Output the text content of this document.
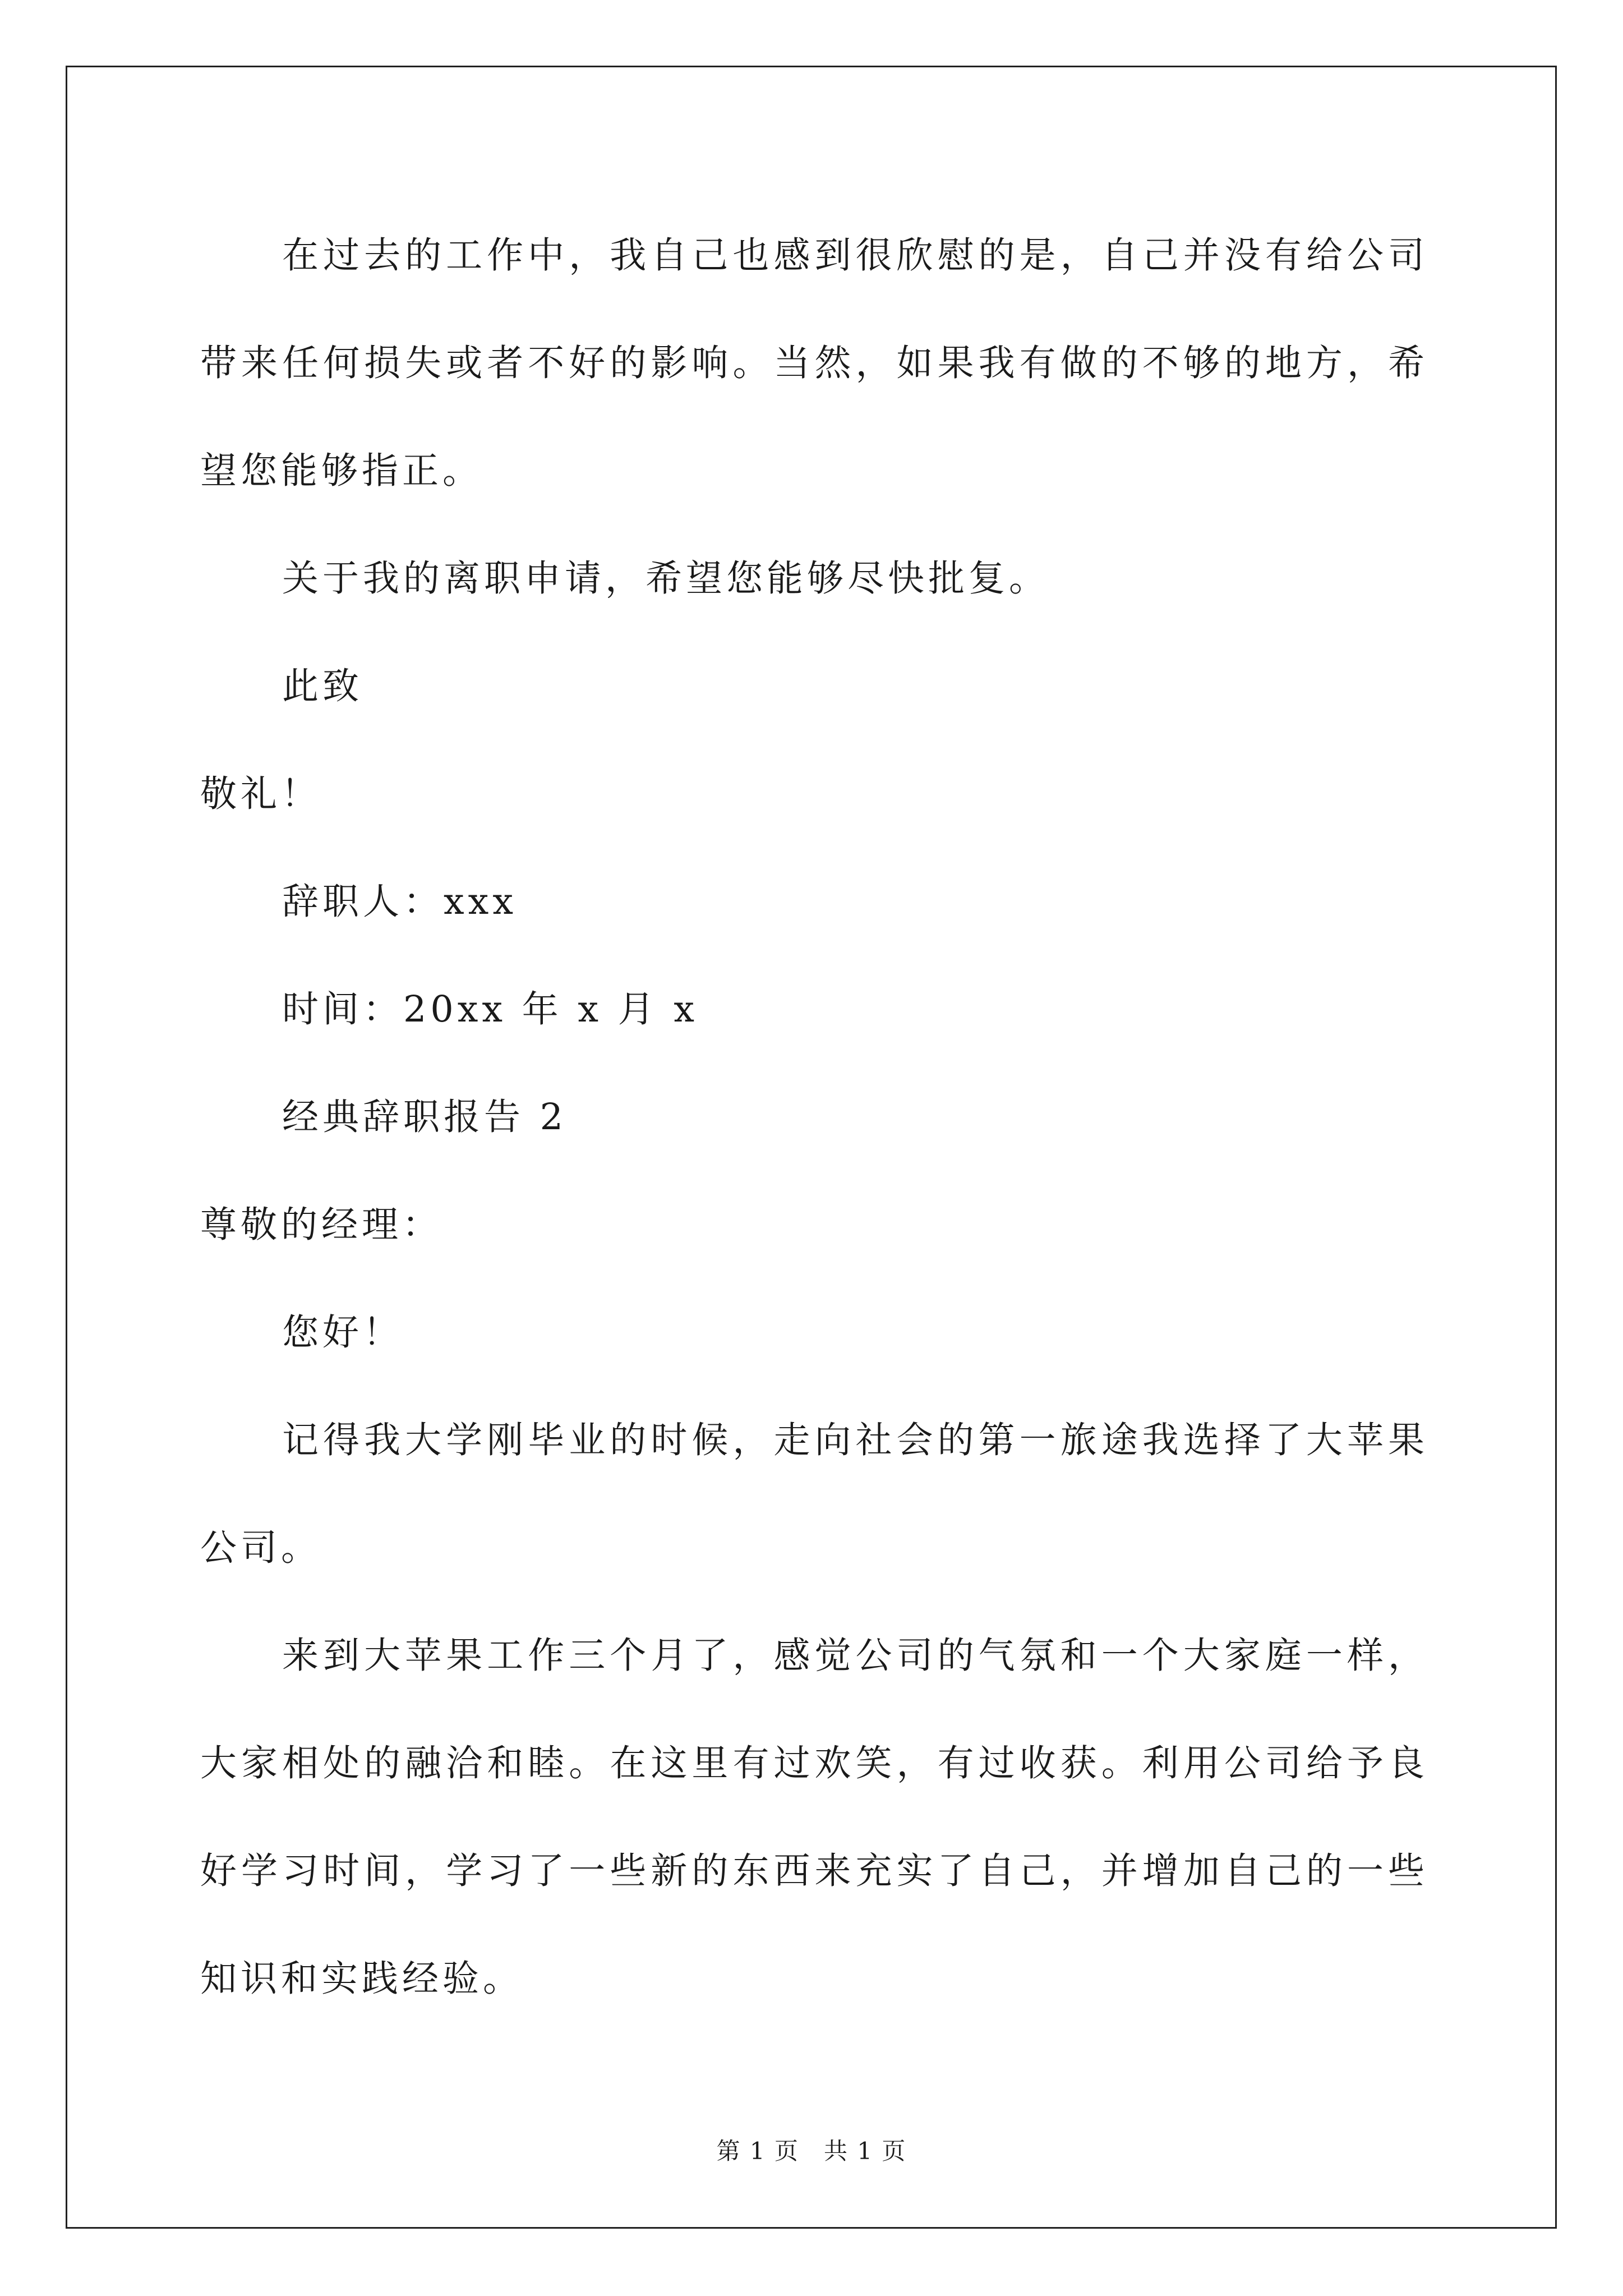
在过去的工作中，我自己也感到很欣慰的是，自己并没有给公司带来任何损失或者不好的影响。当然，如果我有做的不够的地方，希望您能够指正。

关于我的离职申请，希望您能够尽快批复。

此致

敬礼！

辞职人：xxx

时间：20xx 年 x 月 x

经典辞职报告 2

尊敬的经理：

您好！

记得我大学刚毕业的时候，走向社会的第一旅途我选择了大苹果公司。

来到大苹果工作三个月了，感觉公司的气氛和一个大家庭一样，大家相处的融洽和睦。在这里有过欢笑，有过收获。利用公司给予良好学习时间，学习了一些新的东西来充实了自己，并增加自己的一些知识和实践经验。

第 1 页　共 1 页
